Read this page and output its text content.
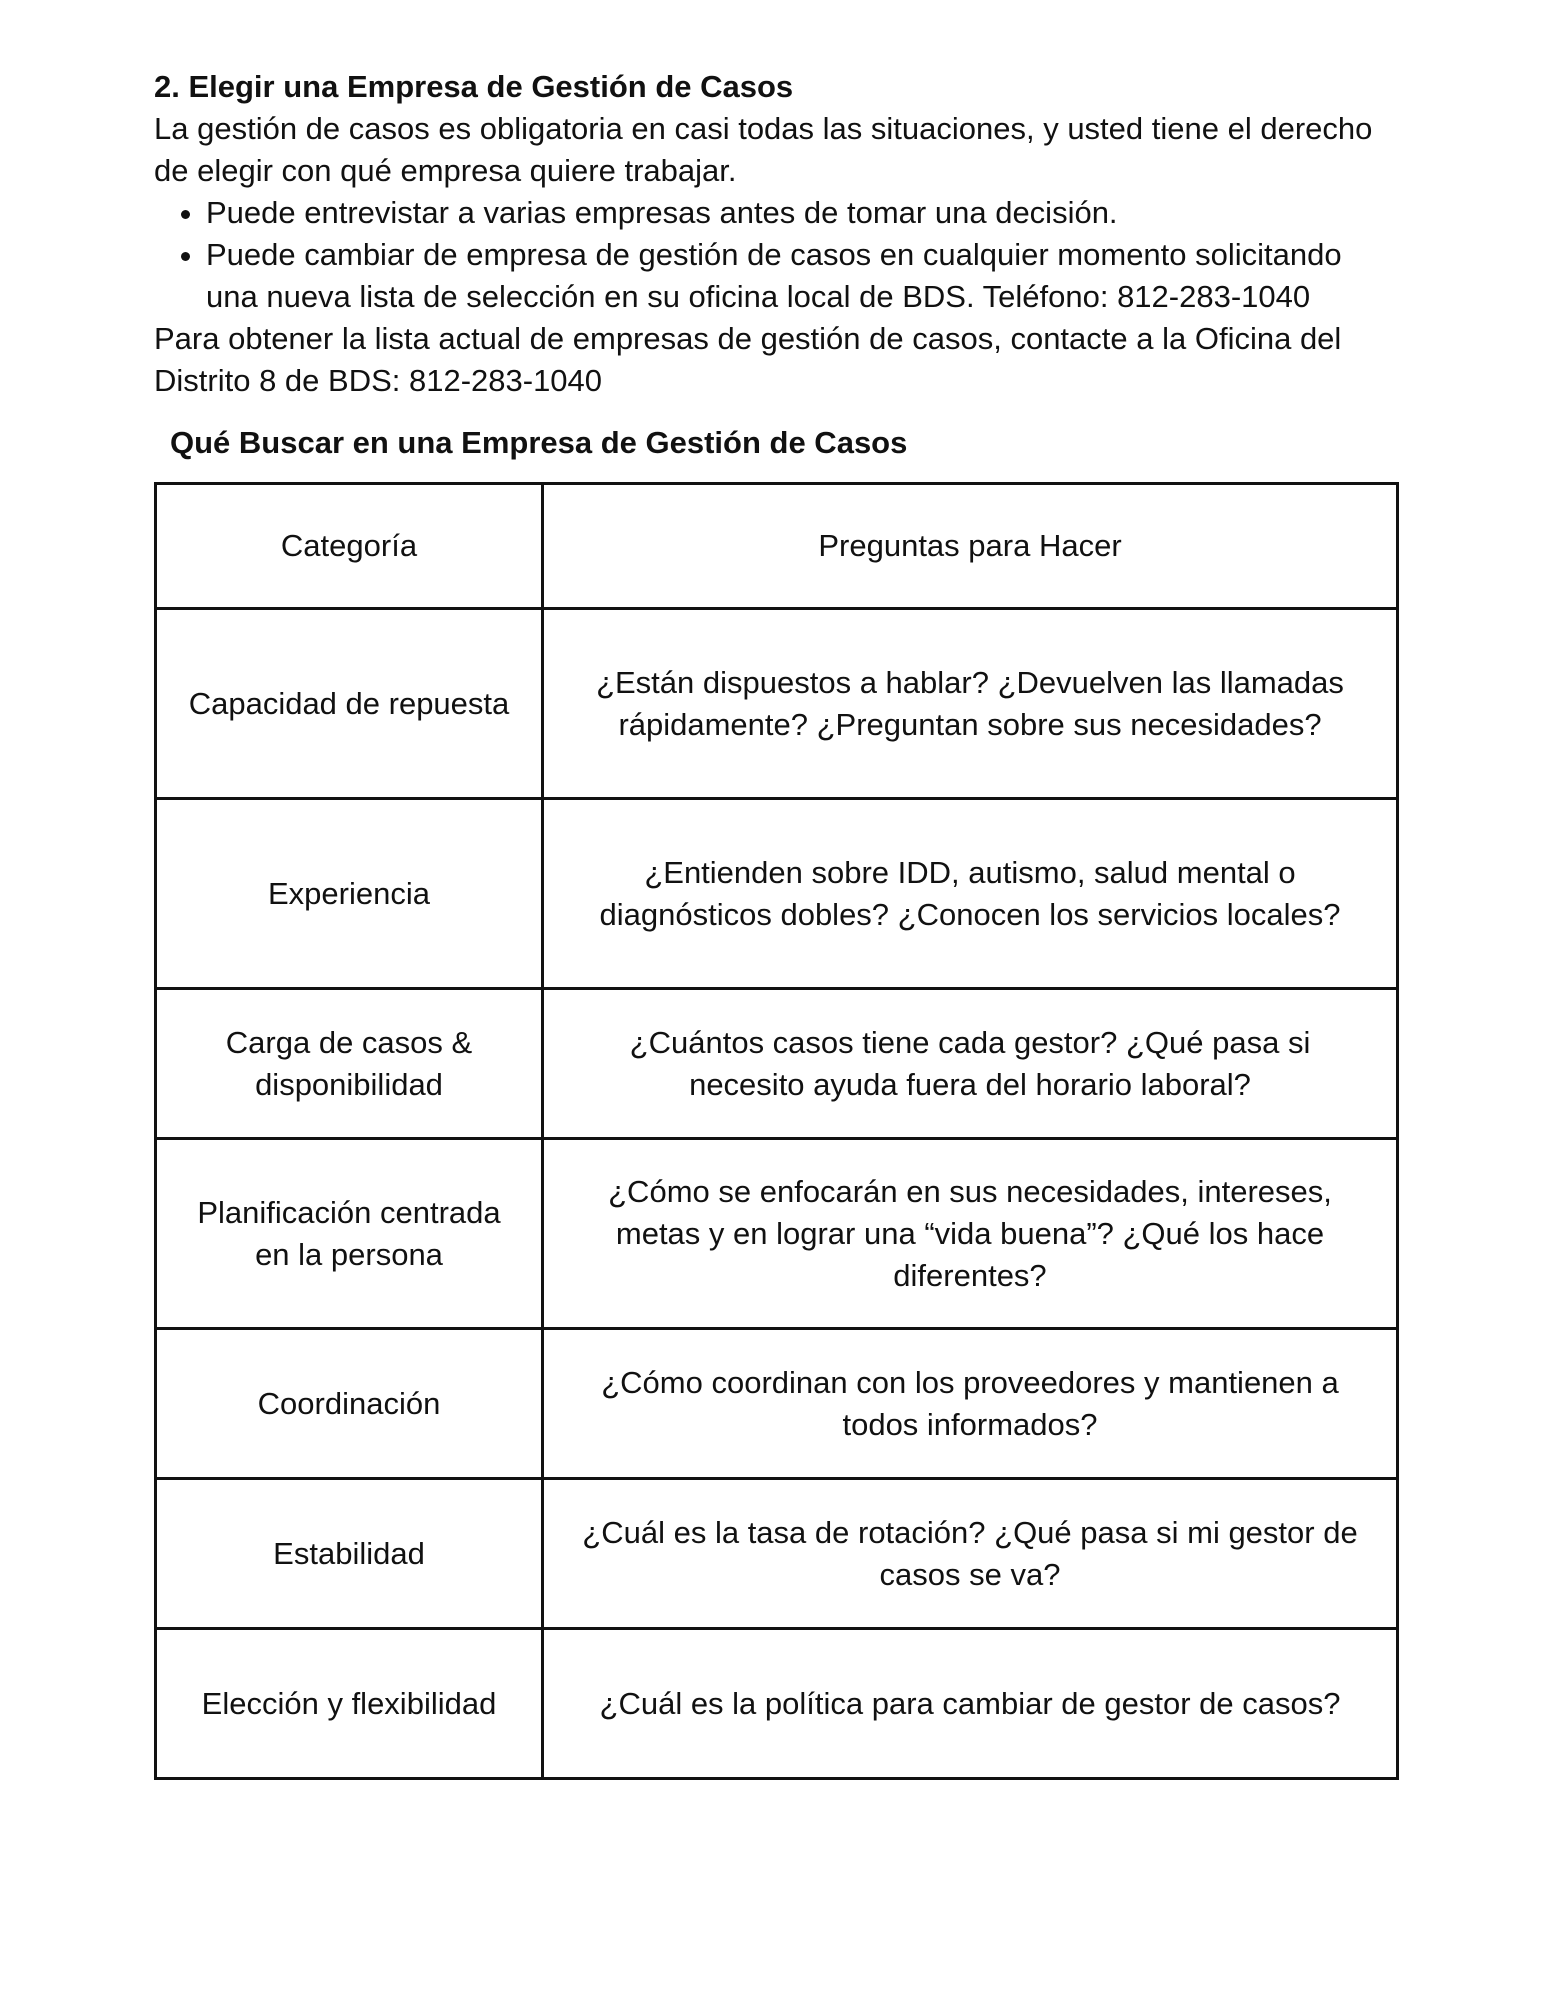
2. Elegir una Empresa de Gestión de Casos

La gestión de casos es obligatoria en casi todas las situaciones, y usted tiene el derecho de elegir con qué empresa quiere trabajar.

• Puede entrevistar a varias empresas antes de tomar una decisión.
• Puede cambiar de empresa de gestión de casos en cualquier momento solicitando una nueva lista de selección en su oficina local de BDS. Teléfono: 812-283-1040

Para obtener la lista actual de empresas de gestión de casos, contacte a la Oficina del Distrito 8 de BDS: 812-283-1040

Qué Buscar en una Empresa de Gestión de Casos
Categoría	Preguntas para Hacer
Capacidad de repuesta	¿Están dispuestos a hablar? ¿Devuelven las llamadas rápidamente? ¿Preguntan sobre sus necesidades?
Experiencia	¿Entienden sobre IDD, autismo, salud mental o diagnósticos dobles? ¿Conocen los servicios locales?
Carga de casos & disponibilidad	¿Cuántos casos tiene cada gestor? ¿Qué pasa si necesito ayuda fuera del horario laboral?
Planificación centrada en la persona	¿Cómo se enfocarán en sus necesidades, intereses, metas y en lograr una “vida buena”? ¿Qué los hace diferentes?
Coordinación	¿Cómo coordinan con los proveedores y mantienen a todos informados?
Estabilidad	¿Cuál es la tasa de rotación? ¿Qué pasa si mi gestor de casos se va?
Elección y flexibilidad	¿Cuál es la política para cambiar de gestor de casos?
